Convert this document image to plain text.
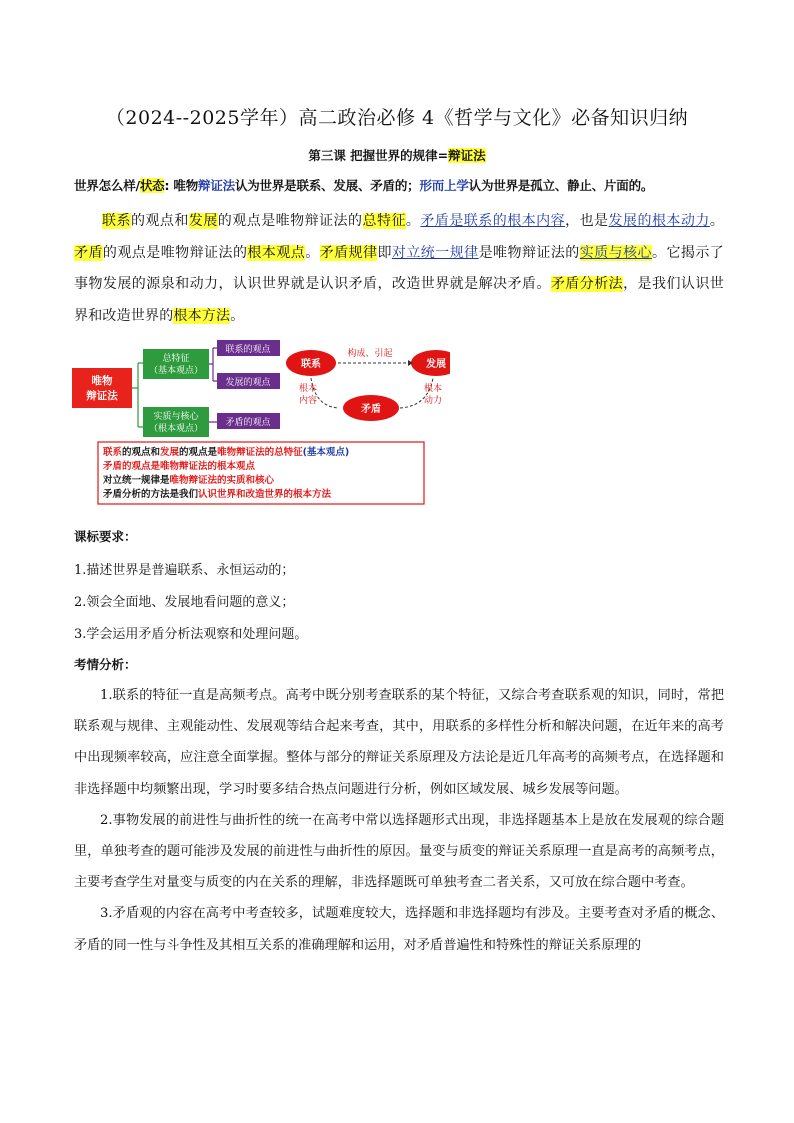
（2024--2025学年）高二政治必修 4《哲学与文化》必备知识归纳
第三课 把握世界的规律=辩证法
世界怎么样/状态: 唯物辩证法认为世界是联系、发展、矛盾的；形而上学认为世界是孤立、静止、片面的。
联系的观点和发展的观点是唯物辩证法的总特征。矛盾是联系的根本内容，也是发展的根本动力。矛盾的观点是唯物辩证法的根本观点。矛盾规律即对立统一规律是唯物辩证法的实质与核心。它揭示了事物发展的源泉和动力，认识世界就是认识矛盾，改造世界就是解决矛盾。矛盾分析法，是我们认识世界和改造世界的根本方法。
唯物
辩证法
总特征
（基本观点）
实质与核心
（根本观点）
联系的观点
发展的观点
矛盾的观点
联系	发展
矛盾
构成、引起
根本
内容
根本
动力
联系的观点和发展的观点是唯物辩证法的总特征(基本观点)
矛盾的观点是唯物辩证法的根本观点
对立统一规律是唯物辩证法的实质和核心
矛盾分析的方法是我们认识世界和改造世界的根本方法
课标要求：
1.描述世界是普遍联系、永恒运动的；
2.领会全面地、发展地看问题的意义；
3.学会运用矛盾分析法观察和处理问题。
考情分析：

1.联系的特征一直是高频考点。高考中既分别考查联系的某个特征，又综合考查联系观的知识，同时，常把联系观与规律、主观能动性、发展观等结合起来考查，其中，用联系的多样性分析和解决问题，在近年来的高考中出现频率较高，应注意全面掌握。整体与部分的辩证关系原理及方法论是近几年高考的高频考点，在选择题和非选择题中均频繁出现，学习时要多结合热点问题进行分析，例如区域发展、城乡发展等问题。

2.事物发展的前进性与曲折性的统一在高考中常以选择题形式出现，非选择题基本上是放在发展观的综合题里，单独考查的题可能涉及发展的前进性与曲折性的原因。量变与质变的辩证关系原理一直是高考的高频考点，主要考查学生对量变与质变的内在关系的理解，非选择题既可单独考查二者关系，又可放在综合题中考查。

3.矛盾观的内容在高考中考查较多，试题难度较大，选择题和非选择题均有涉及。主要考查对矛盾的概念、矛盾的同一性与斗争性及其相互关系的准确理解和运用，对矛盾普遍性和特殊性的辩证关系原理的
